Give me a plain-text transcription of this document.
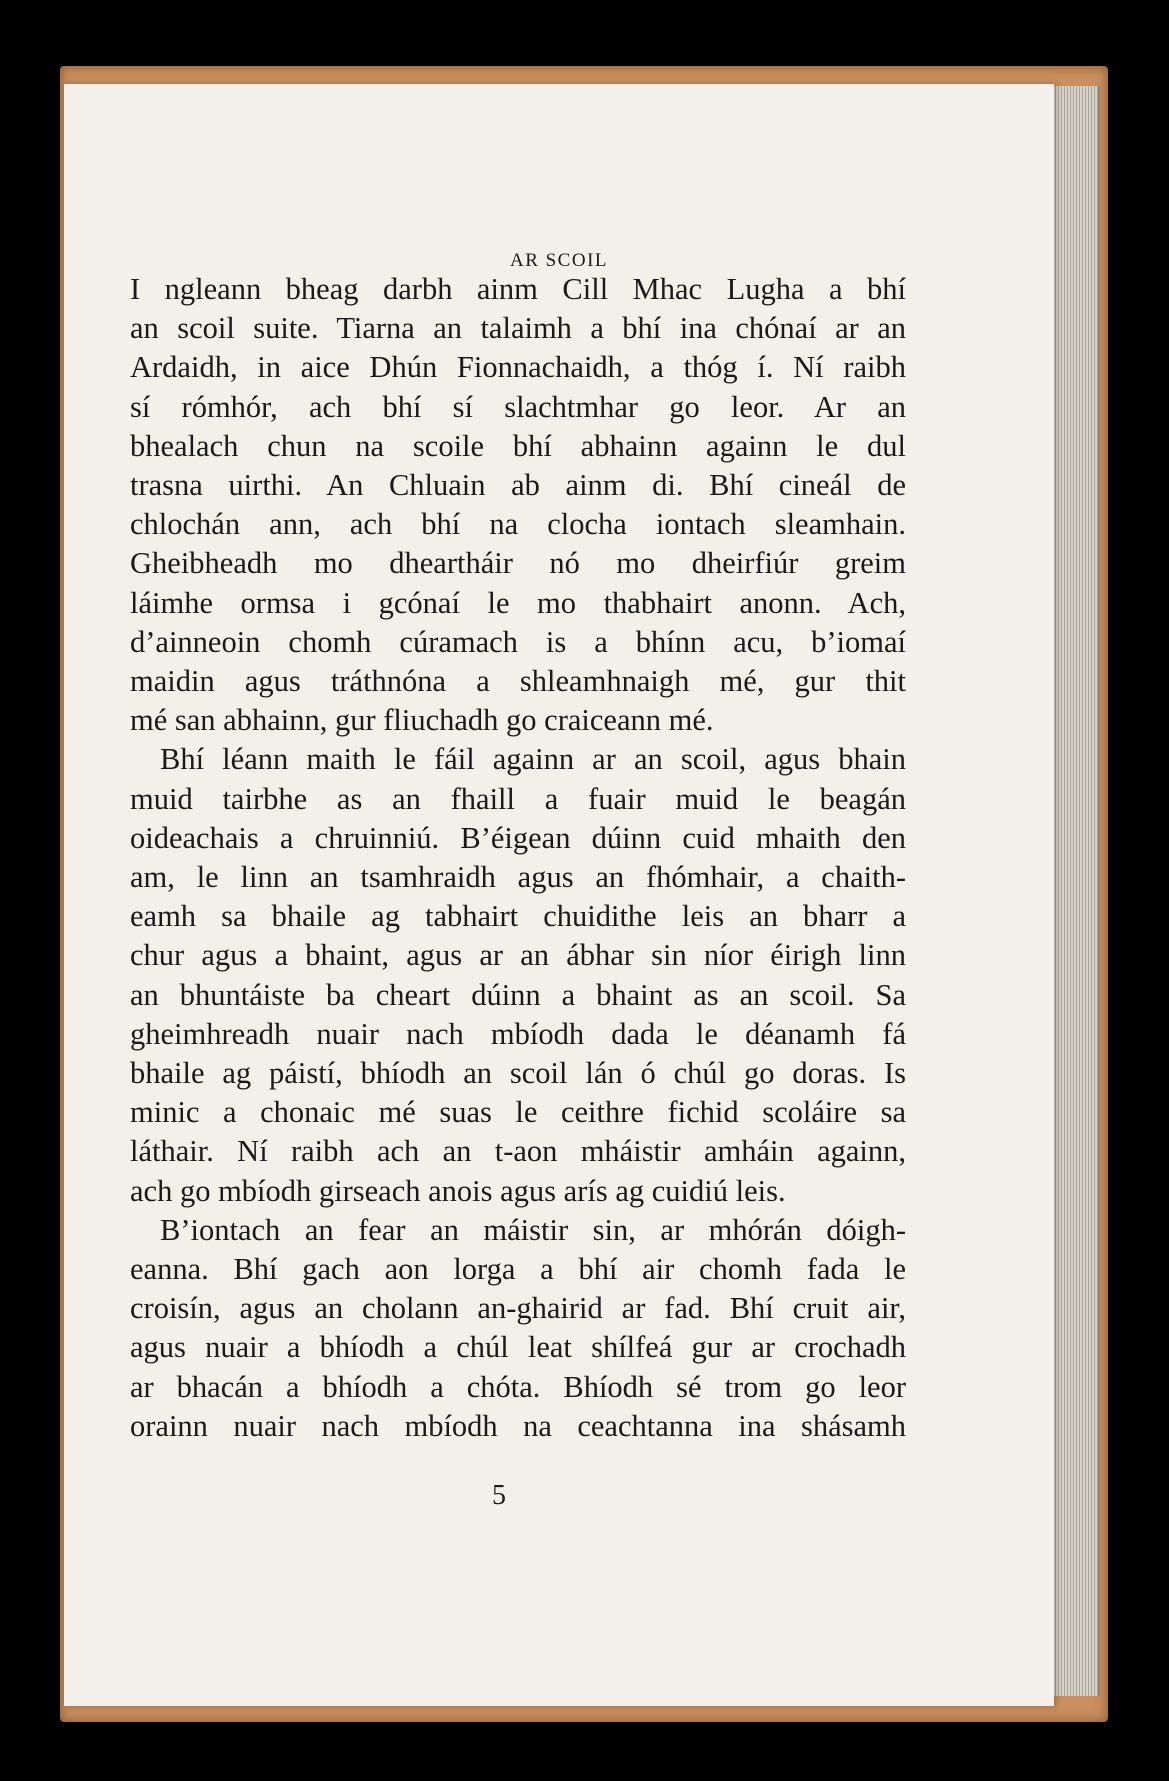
AR SCOIL
I ngleann bheag darbh ainm Cill Mhac Lugha a bhí
an scoil suite. Tiarna an talaimh a bhí ina chónaí ar an
Ardaidh, in aice Dhún Fionnachaidh, a thóg í. Ní raibh
sí rómhór, ach bhí sí slachtmhar go leor. Ar an
bhealach chun na scoile bhí abhainn againn le dul
trasna uirthi. An Chluain ab ainm di. Bhí cineál de
chlochán ann, ach bhí na clocha iontach sleamhain.
Gheibheadh mo dheartháir nó mo dheirfiúr greim
láimhe ormsa i gcónaí le mo thabhairt anonn. Ach,
d’ainneoin chomh cúramach is a bhínn acu, b’iomaí
maidin agus tráthnóna a shleamhnaigh mé, gur thit
mé san abhainn, gur fliuchadh go craiceann mé.
Bhí léann maith le fáil againn ar an scoil, agus bhain
muid tairbhe as an fhaill a fuair muid le beagán
oideachais a chruinniú. B’éigean dúinn cuid mhaith den
am, le linn an tsamhraidh agus an fhómhair, a chaith-
eamh sa bhaile ag tabhairt chuidithe leis an bharr a
chur agus a bhaint, agus ar an ábhar sin níor éirigh linn
an bhuntáiste ba cheart dúinn a bhaint as an scoil. Sa
gheimhreadh nuair nach mbíodh dada le déanamh fá
bhaile ag páistí, bhíodh an scoil lán ó chúl go doras. Is
minic a chonaic mé suas le ceithre fichid scoláire sa
láthair. Ní raibh ach an t-aon mháistir amháin againn,
ach go mbíodh girseach anois agus arís ag cuidiú leis.
B’iontach an fear an máistir sin, ar mhórán dóigh-
eanna. Bhí gach aon lorga a bhí air chomh fada le
croisín, agus an cholann an-ghairid ar fad. Bhí cruit air,
agus nuair a bhíodh a chúl leat shílfeá gur ar crochadh
ar bhacán a bhíodh a chóta. Bhíodh sé trom go leor
orainn nuair nach mbíodh na ceachtanna ina shásamh
5
